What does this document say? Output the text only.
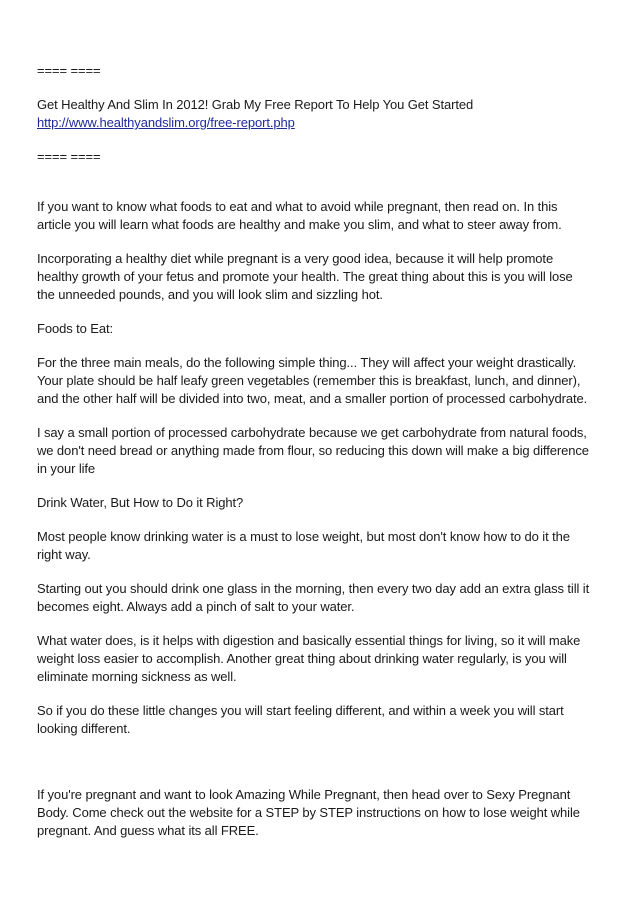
==== ====
Get Healthy And Slim In 2012! Grab My Free Report To Help You Get Started
http://www.healthyandslim.org/free-report.php
==== ====
If you want to know what foods to eat and what to avoid while pregnant, then read on. In this
article you will learn what foods are healthy and make you slim, and what to steer away from.
Incorporating a healthy diet while pregnant is a very good idea, because it will help promote
healthy growth of your fetus and promote your health. The great thing about this is you will lose
the unneeded pounds, and you will look slim and sizzling hot.
Foods to Eat:
For the three main meals, do the following simple thing... They will affect your weight drastically.
Your plate should be half leafy green vegetables (remember this is breakfast, lunch, and dinner),
and the other half will be divided into two, meat, and a smaller portion of processed carbohydrate.
I say a small portion of processed carbohydrate because we get carbohydrate from natural foods,
we don't need bread or anything made from flour, so reducing this down will make a big difference
in your life
Drink Water, But How to Do it Right?
Most people know drinking water is a must to lose weight, but most don't know how to do it the
right way.
Starting out you should drink one glass in the morning, then every two day add an extra glass till it
becomes eight. Always add a pinch of salt to your water.
What water does, is it helps with digestion and basically essential things for living, so it will make
weight loss easier to accomplish. Another great thing about drinking water regularly, is you will
eliminate morning sickness as well.
So if you do these little changes you will start feeling different, and within a week you will start
looking different.
If you're pregnant and want to look Amazing While Pregnant, then head over to Sexy Pregnant
Body. Come check out the website for a STEP by STEP instructions on how to lose weight while
pregnant. And guess what its all FREE.
